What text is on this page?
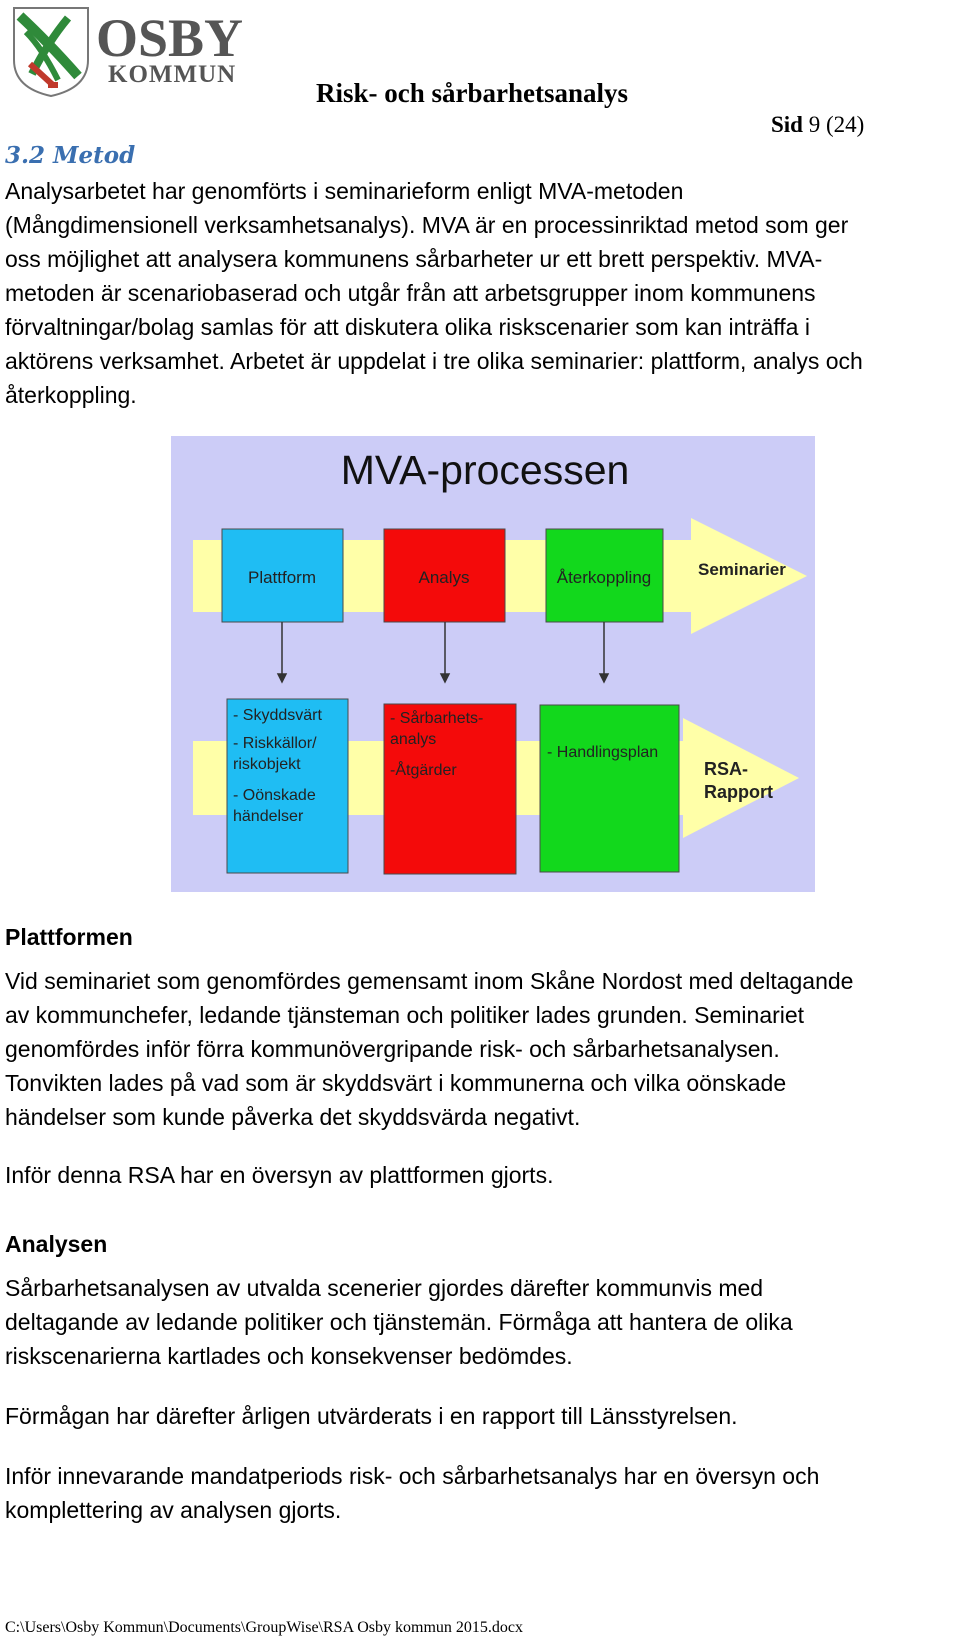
OSBY
KOMMUN
Risk- och sårbarhetsanalys
Sid 9 (24)
3.2 Metod
Analysarbetet har genomförts i seminarieform enligt MVA-metoden
(Mångdimensionell verksamhetsanalys). MVA är en processinriktad metod som ger
oss möjlighet att analysera kommunens sårbarheter ur ett brett perspektiv. MVA-
metoden är scenariobaserad och utgår från att arbetsgrupper inom kommunens
förvaltningar/bolag samlas för att diskutera olika riskscenarier som kan inträffa i
aktörens verksamhet. Arbetet är uppdelat i tre olika seminarier: plattform, analys och
återkoppling.
MVA-processen
Plattform	Analys	Återkoppling	Seminarier
- Skyddsvärt - Riskkällor/ riskobjekt - Oönskade händelser
- Sårbarhets- analys -Åtgärder
- Handlingsplan
RSA- Rapport
Plattformen
Vid seminariet som genomfördes gemensamt inom Skåne Nordost med deltagande
av kommunchefer, ledande tjänsteman och politiker lades grunden. Seminariet
genomfördes inför förra kommunövergripande risk- och sårbarhetsanalysen.
Tonvikten lades på vad som är skyddsvärt i kommunerna och vilka oönskade
händelser som kunde påverka det skyddsvärda negativt.
Inför denna RSA har en översyn av plattformen gjorts.
Analysen
Sårbarhetsanalysen av utvalda scenerier gjordes därefter kommunvis med
deltagande av ledande politiker och tjänstemän. Förmåga att hantera de olika
riskscenarierna kartlades och konsekvenser bedömdes.
Förmågan har därefter årligen utvärderats i en rapport till Länsstyrelsen.
Inför innevarande mandatperiods risk- och sårbarhetsanalys har en översyn och
komplettering av analysen gjorts.
C:\Users\Osby Kommun\Documents\GroupWise\RSA Osby kommun 2015.docx
